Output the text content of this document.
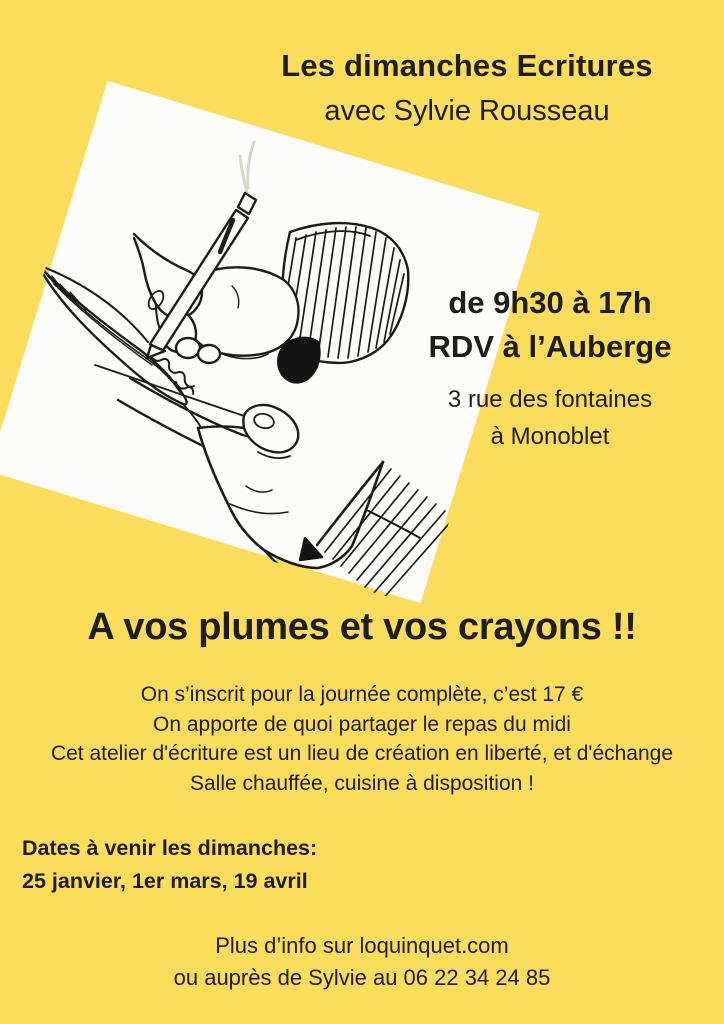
Les dimanches Ecritures
avec Sylvie Rousseau
de 9h30 à 17h
RDV à l’Auberge
3 rue des fontaines
à Monoblet
A vos plumes et vos crayons !!
On s’inscrit pour la journée complète, c’est 17 €
On apporte de quoi partager le repas du midi
Cet atelier d'écriture est un lieu de création en liberté, et d'échange
Salle chauffée, cuisine à disposition !
Dates à venir les dimanches:
25 janvier, 1er mars, 19 avril
Plus d’info sur loquinquet.com
ou auprès de Sylvie au 06 22 34 24 85
